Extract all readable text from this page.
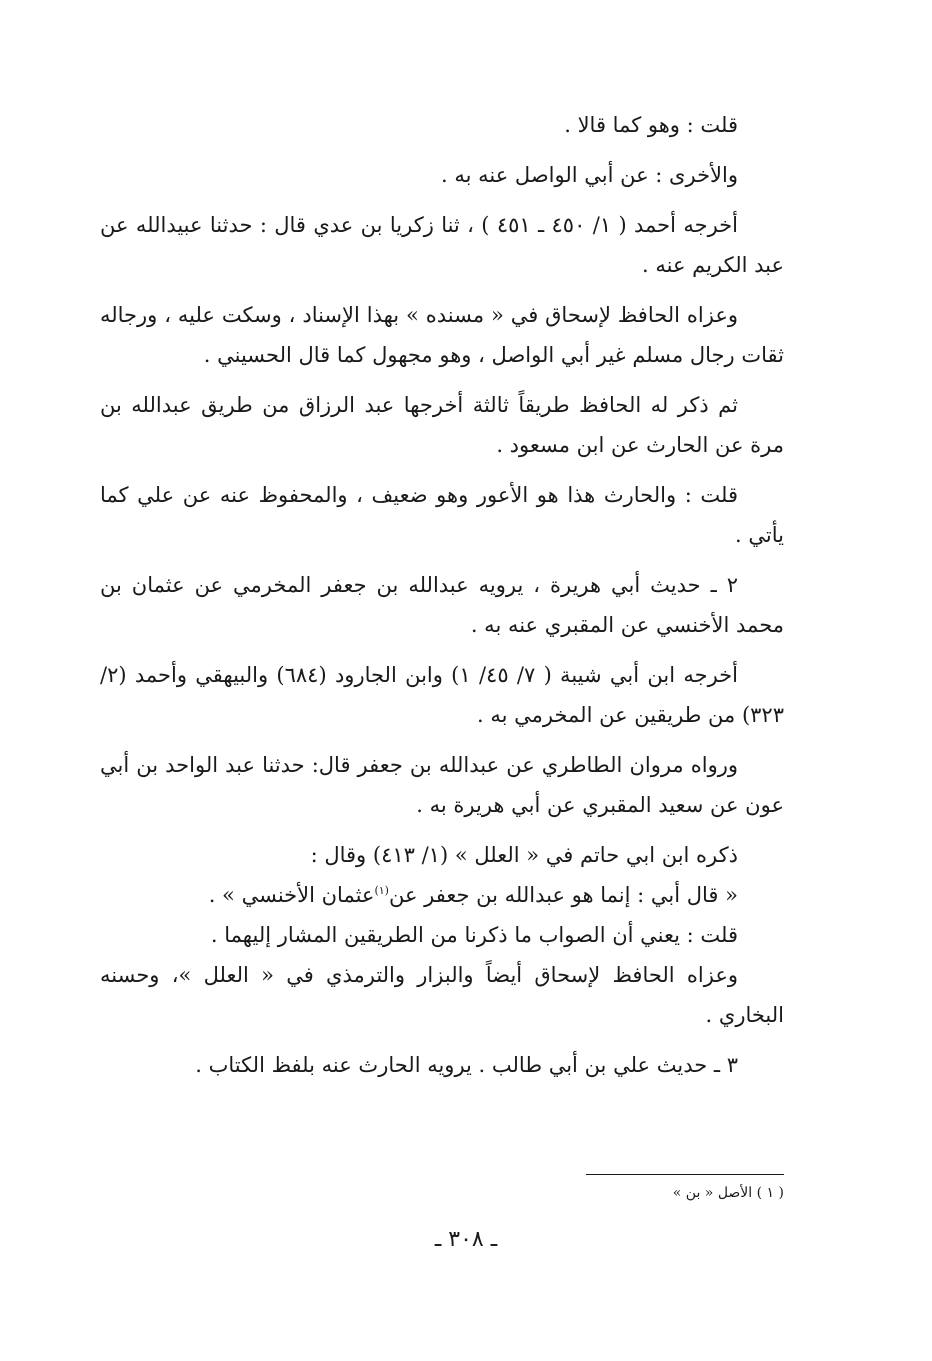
قلت : وهو كما قالا .

والأخرى : عن أبي الواصل عنه به .

أخرجه أحمد ( ١/ ٤٥٠ ـ ٤٥١ ) ، ثنا زكريا بن عدي قال : حدثنا عبيدالله عن عبد الكريم عنه .

وعزاه الحافظ لإسحاق في « مسنده » بهذا الإسناد ، وسكت عليه ، ورجاله ثقات رجال مسلم غير أبي الواصل ، وهو مجهول كما قال الحسيني .

ثم ذكر له الحافظ طريقاً ثالثة أخرجها عبد الرزاق من طريق عبدالله بن مرة عن الحارث عن ابن مسعود .

قلت : والحارث هذا هو الأعور وهو ضعيف ، والمحفوظ عنه عن علي كما يأتي .

٢ ـ حديث أبي هريرة ، يرويه عبدالله بن جعفر المخرمي عن عثمان بن محمد الأخنسي عن المقبري عنه به .

أخرجه ابن أبي شيبة ( ٧/ ٤٥/ ١) وابن الجارود (٦٨٤) والبيهقي وأحمد (٢/ ٣٢٣) من طريقين عن المخرمي به .

ورواه مروان الطاطري عن عبدالله بن جعفر قال: حدثنا عبد الواحد بن أبي عون عن سعيد المقبري عن أبي هريرة به .

ذكره ابن ابي حاتم في « العلل » (١/ ٤١٣) وقال :

« قال أبي : إنما هو عبدالله بن جعفر عن$^{(١)}$عثمان الأخنسي » .

قلت : يعني أن الصواب ما ذكرنا من الطريقين المشار إليهما .

وعزاه الحافظ لإسحاق أيضاً والبزار والترمذي في « العلل »، وحسنه البخاري .

٣ ـ حديث علي بن أبي طالب . يرويه الحارث عنه بلفظ الكتاب .

( ١ ) الأصل « بن »
ـ ٣٠٨ ـ
